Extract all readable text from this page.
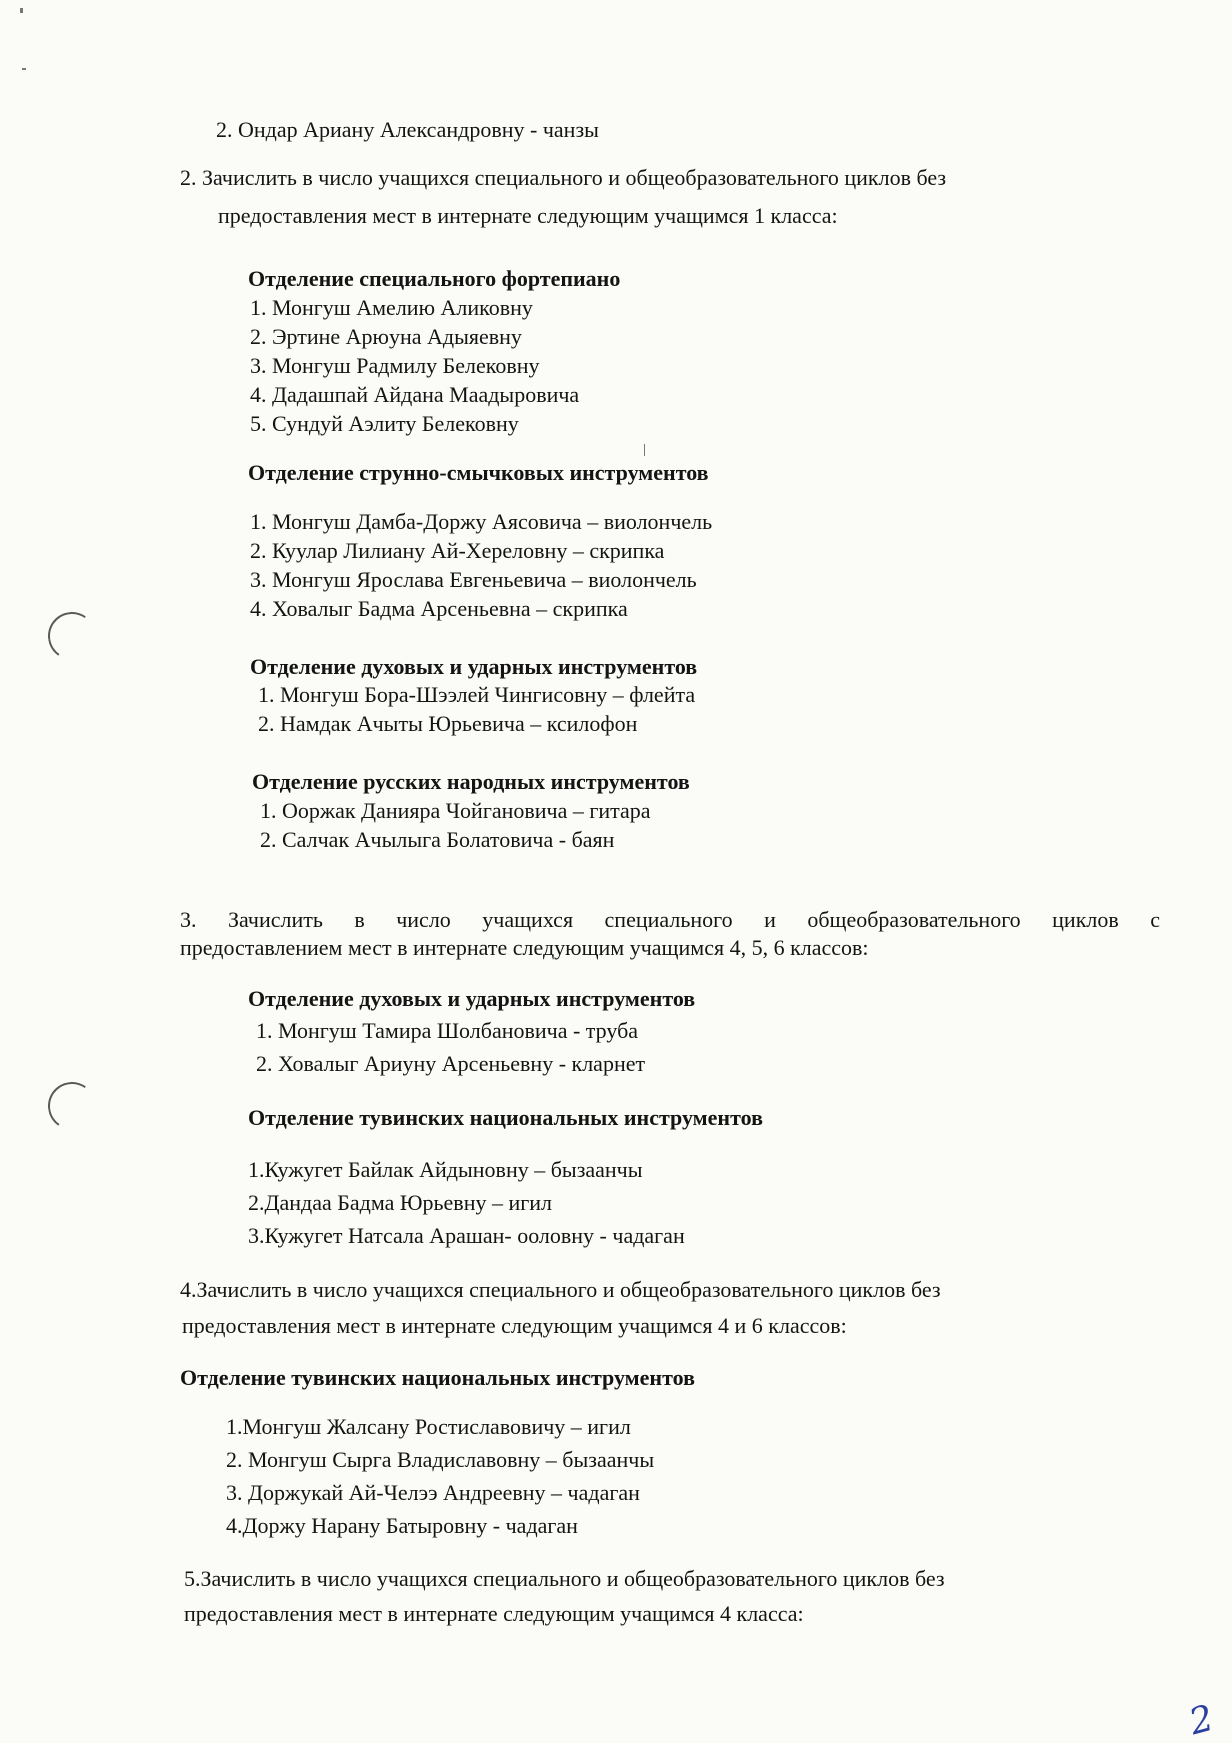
2. Ондар Ариану Александровну - чанзы
2. Зачислить в число учащихся специального и общеобразовательного циклов без
предоставления мест в интернате следующим учащимся 1 класса:
Отделение специального фортепиано
1. Монгуш Амелию Аликовну
2. Эртине Арюуна Адыяевну
3. Монгуш Радмилу Белековну
4. Дадашпай Айдана Маадыровича
5. Сундуй Аэлиту Белековну
Отделение струнно-смычковых инструментов
1. Монгуш Дамба-Доржу Аясовича – виолончель
2. Куулар Лилиану Ай-Хереловну – скрипка
3. Монгуш Ярослава Евгеньевича – виолончель
4. Ховалыг Бадма Арсеньевна – скрипка
Отделение духовых и ударных инструментов
1. Монгуш Бора-Шээлей Чингисовну – флейта
2. Намдак Ачыты Юрьевича – ксилофон
Отделение русских народных инструментов
1. Ооржак Данияра Чойгановича – гитара
2. Салчак Ачылыга Болатовича - баян
3. Зачислить в число учащихся специального и общеобразовательного циклов с
предоставлением мест в интернате следующим учащимся 4, 5, 6 классов:
Отделение духовых и ударных инструментов
1. Монгуш Тамира Шолбановича - труба
2. Ховалыг Ариуну Арсеньевну - кларнет
Отделение тувинских национальных инструментов
1.Кужугет Байлак Айдыновну – бызаанчы
2.Дандаа Бадма Юрьевну – игил
3.Кужугет Натсала Арашан- ооловну - чадаган
4.Зачислить в число учащихся специального и общеобразовательного циклов без
предоставления мест в интернате следующим учащимся 4 и 6 классов:
Отделение тувинских национальных инструментов
1.Монгуш Жалсану Ростиславовичу – игил
2. Монгуш Сырга Владиславовну – бызаанчы
3. Доржукай Ай-Челээ Андреевну – чадаган
4.Доржу Нарану Батыровну - чадаган
5.Зачислить в число учащихся специального и общеобразовательного циклов без
предоставления мест в интернате следующим учащимся 4 класса:
2
